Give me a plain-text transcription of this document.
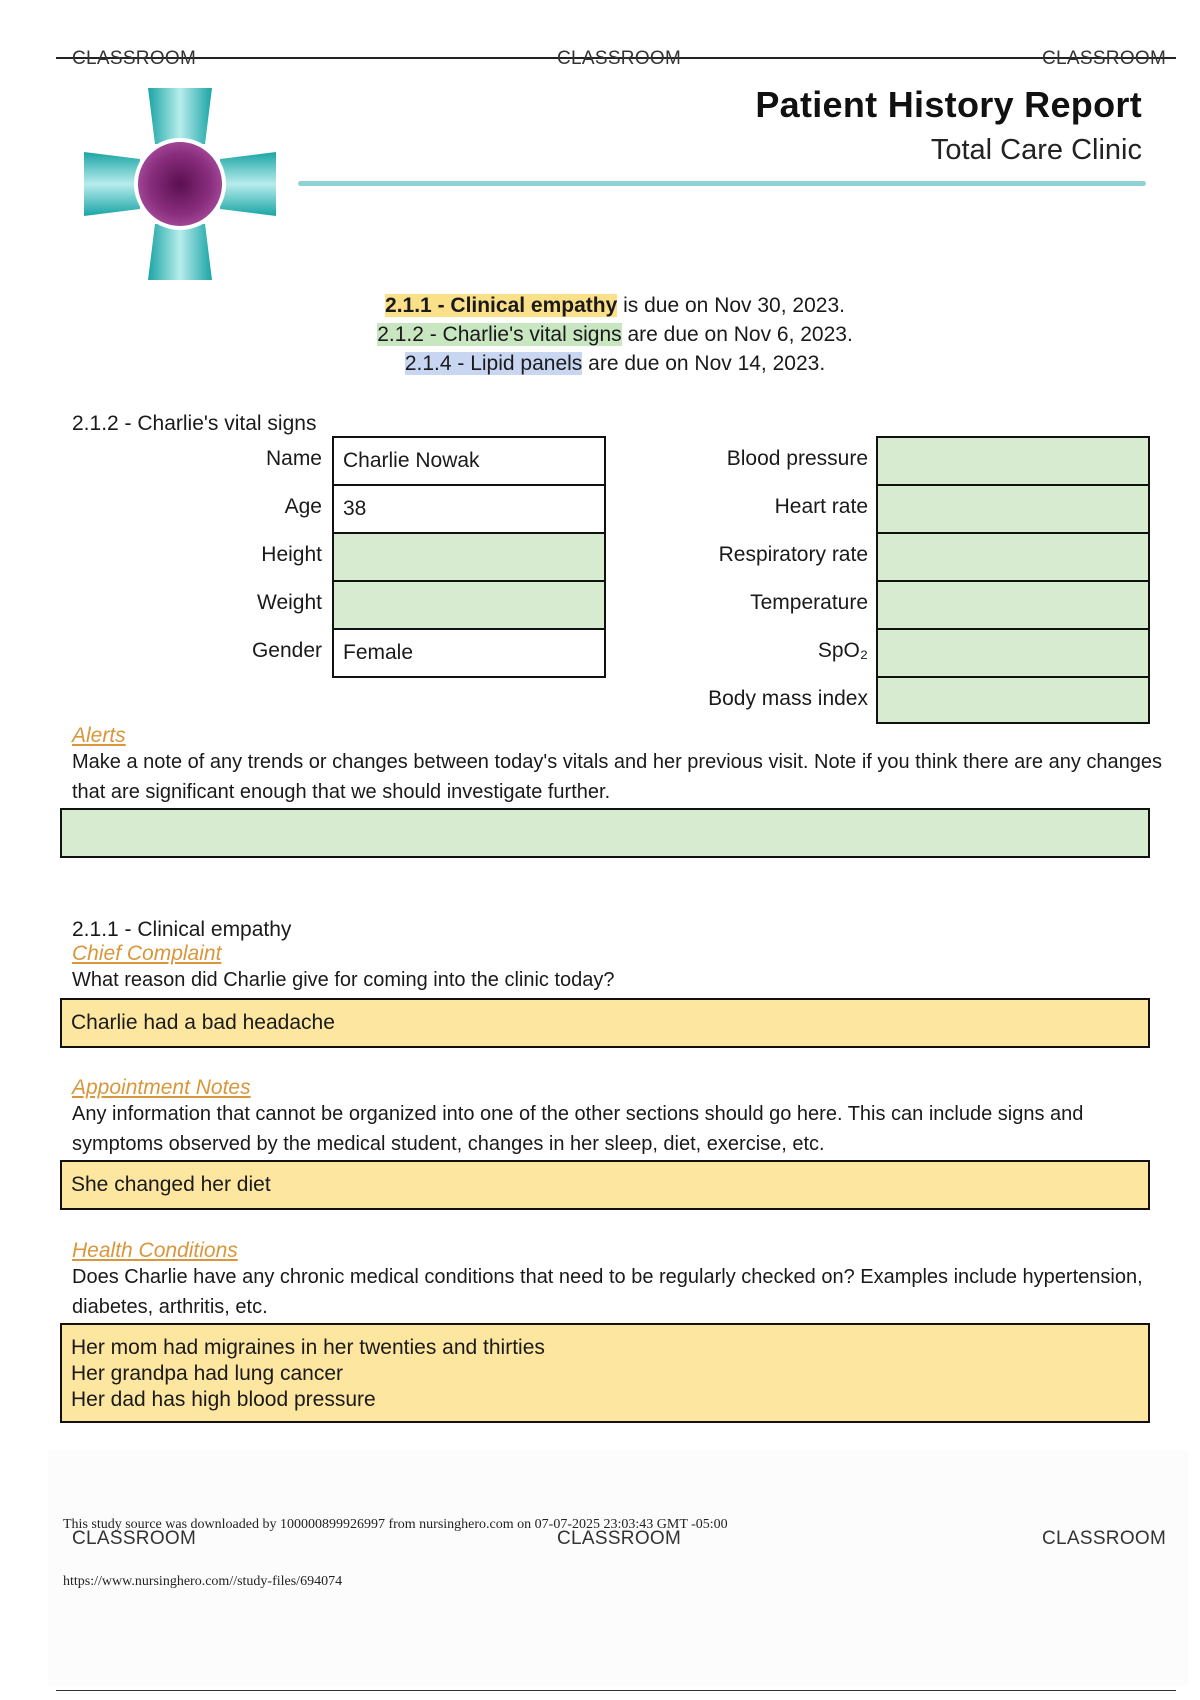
CLASSROOM	CLASSROOM	CLASSROOM
Patient History Report
Total Care Clinic
2.1.1 - Clinical empathy is due on Nov 30, 2023.
2.1.2 - Charlie's vital signs are due on Nov 6, 2023.
2.1.4 - Lipid panels are due on Nov 14, 2023.
2.1.2 - Charlie's vital signs
Name	Charlie Nowak
Age	38
Height
Weight
Gender	Female
Blood pressure
Heart rate
Respiratory rate
Temperature
SpO₂
Body mass index
Alerts
Make a note of any trends or changes between today's vitals and her previous visit. Note if you think there are any changes that are significant enough that we should investigate further.
2.1.1 - Clinical empathy
Chief Complaint
What reason did Charlie give for coming into the clinic today?
Charlie had a bad headache
Appointment Notes
Any information that cannot be organized into one of the other sections should go here. This can include signs and symptoms observed by the medical student, changes in her sleep, diet, exercise, etc.
She changed her diet
Health Conditions
Does Charlie have any chronic medical conditions that need to be regularly checked on? Examples include hypertension, diabetes, arthritis, etc.
Her mom had migraines in her twenties and thirties
Her grandpa had lung cancer
Her dad has high blood pressure
CLASSROOM	CLASSROOM	CLASSROOM
This study source was downloaded by 100000899926997 from nursinghero.com on 07-07-2025 23:03:43 GMT -05:00
https://www.nursinghero.com//study-files/694074
